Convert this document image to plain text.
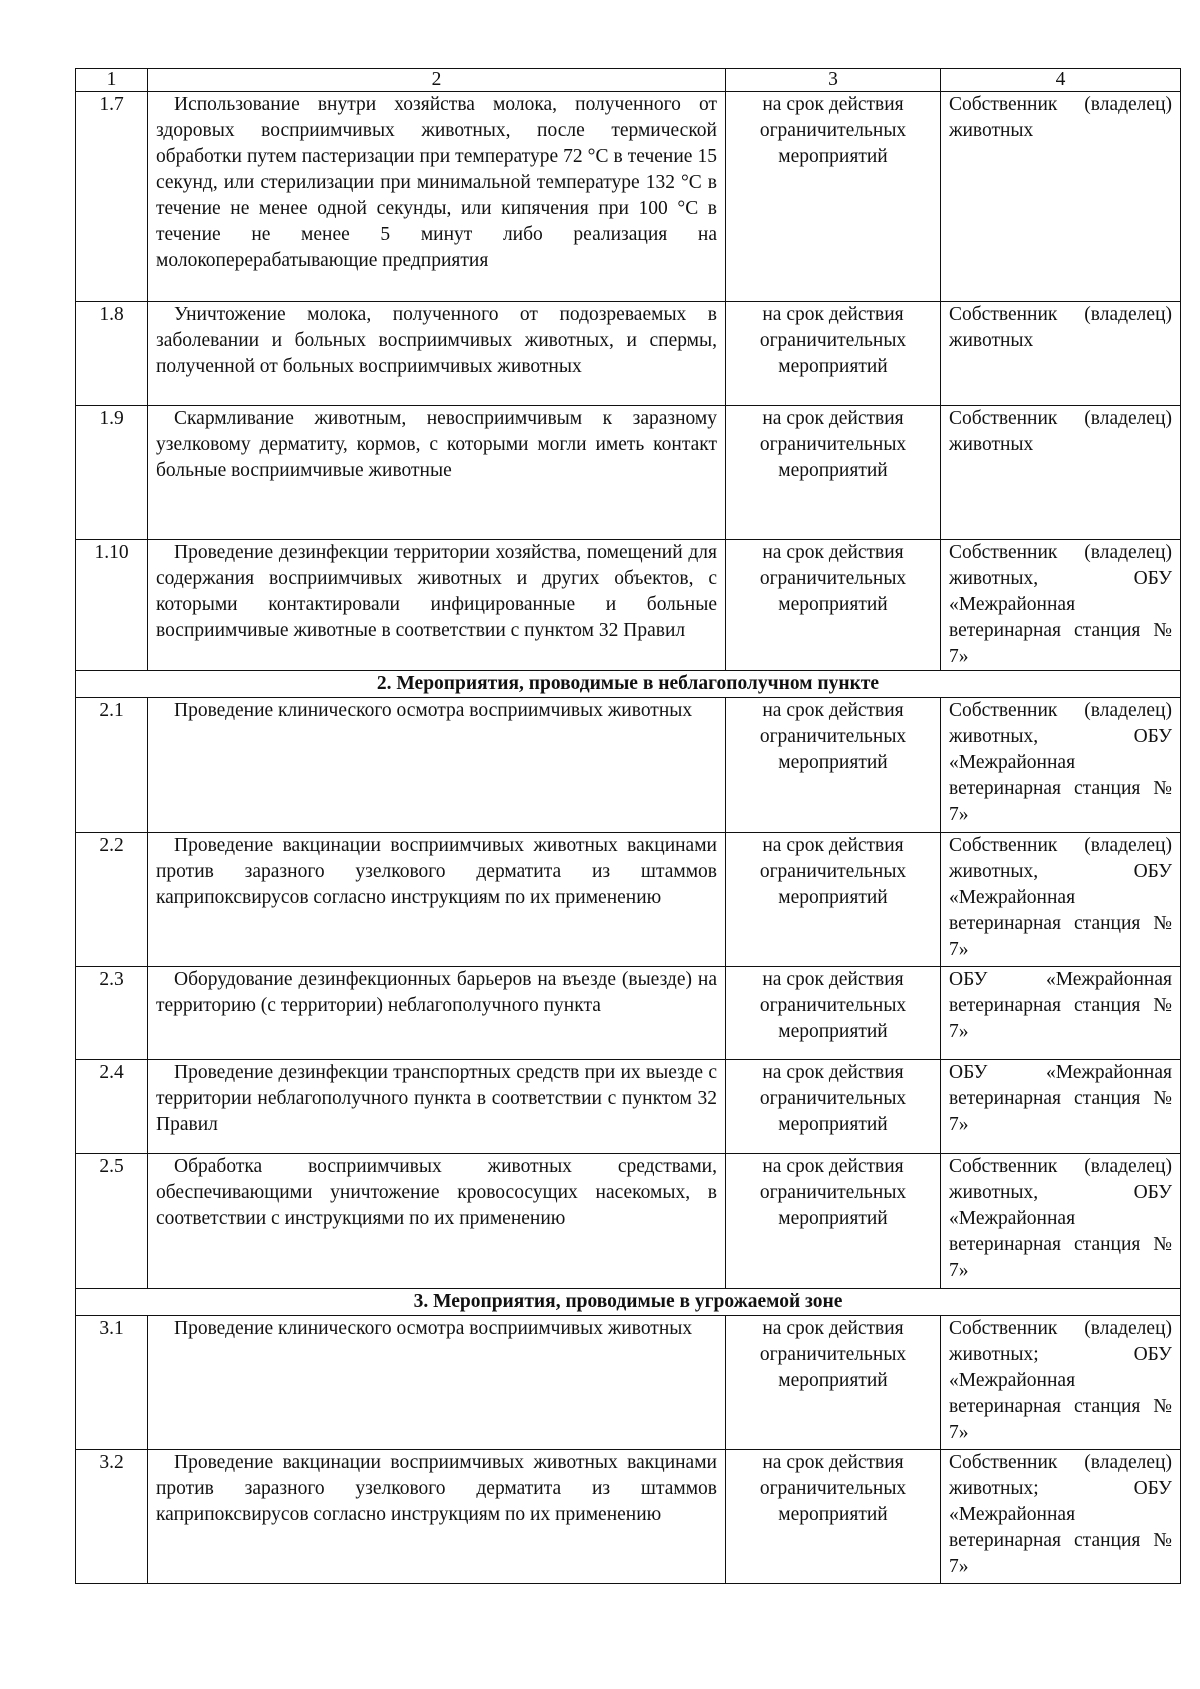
1	2	3	4
1.7	Использование внутри хозяйства молока, полученного от здоровых восприимчивых животных, после термической обработки путем пастеризации при температуре 72 °С в течение 15 секунд, или стерилизации при минимальной температуре 132 °С в течение не менее одной секунды, или кипячения при 100 °С в течение не менее 5 минут либо реализация на молокоперерабатывающие предприятия	на срок действия ограничительных мероприятий	Собственник (владелец) животных
1.8	Уничтожение молока, полученного от подозреваемых в заболевании и больных восприимчивых животных, и спермы, полученной от больных восприимчивых животных	на срок действия ограничительных мероприятий	Собственник (владелец) животных
1.9	Скармливание животным, невосприимчивым к заразному узелковому дерматиту, кормов, с которыми могли иметь контакт больные восприимчивые животные	на срок действия ограничительных мероприятий	Собственник (владелец) животных
1.10	Проведение дезинфекции территории хозяйства, помещений для содержания восприимчивых животных и других объектов, с которыми контактировали инфицированные и больные восприимчивые животные в соответствии с пунктом 32 Правил	на срок действия ограничительных мероприятий	Собственник (владелец) животных, ОБУ «Межрайонная ветеринарная станция № 7»
2. Мероприятия, проводимые в неблагополучном пункте			
2.1	Проведение клинического осмотра восприимчивых животных	на срок действия ограничительных мероприятий	Собственник (владелец) животных, ОБУ «Межрайонная ветеринарная станция № 7»
2.2	Проведение вакцинации восприимчивых животных вакцинами против заразного узелкового дерматита из штаммов каприпоксвирусов согласно инструкциям по их применению	на срок действия ограничительных мероприятий	Собственник (владелец) животных, ОБУ «Межрайонная ветеринарная станция № 7»
2.3	Оборудование дезинфекционных барьеров на въезде (выезде) на территорию (с территории) неблагополучного пункта	на срок действия ограничительных мероприятий	ОБУ «Межрайонная ветеринарная станция № 7»
2.4	Проведение дезинфекции транспортных средств при их выезде с территории неблагополучного пункта в соответствии с пунктом 32 Правил	на срок действия ограничительных мероприятий	ОБУ «Межрайонная ветеринарная станция № 7»
2.5	Обработка восприимчивых животных средствами, обеспечивающими уничтожение кровососущих насекомых, в соответствии с инструкциями по их применению	на срок действия ограничительных мероприятий	Собственник (владелец) животных, ОБУ «Межрайонная ветеринарная станция № 7»
3. Мероприятия, проводимые в угрожаемой зоне			
3.1	Проведение клинического осмотра восприимчивых животных	на срок действия ограничительных мероприятий	Собственник (владелец) животных; ОБУ «Межрайонная ветеринарная станция № 7»
3.2	Проведение вакцинации восприимчивых животных вакцинами против заразного узелкового дерматита из штаммов каприпоксвирусов согласно инструкциям по их применению	на срок действия ограничительных мероприятий	Собственник (владелец) животных; ОБУ «Межрайонная ветеринарная станция № 7»
